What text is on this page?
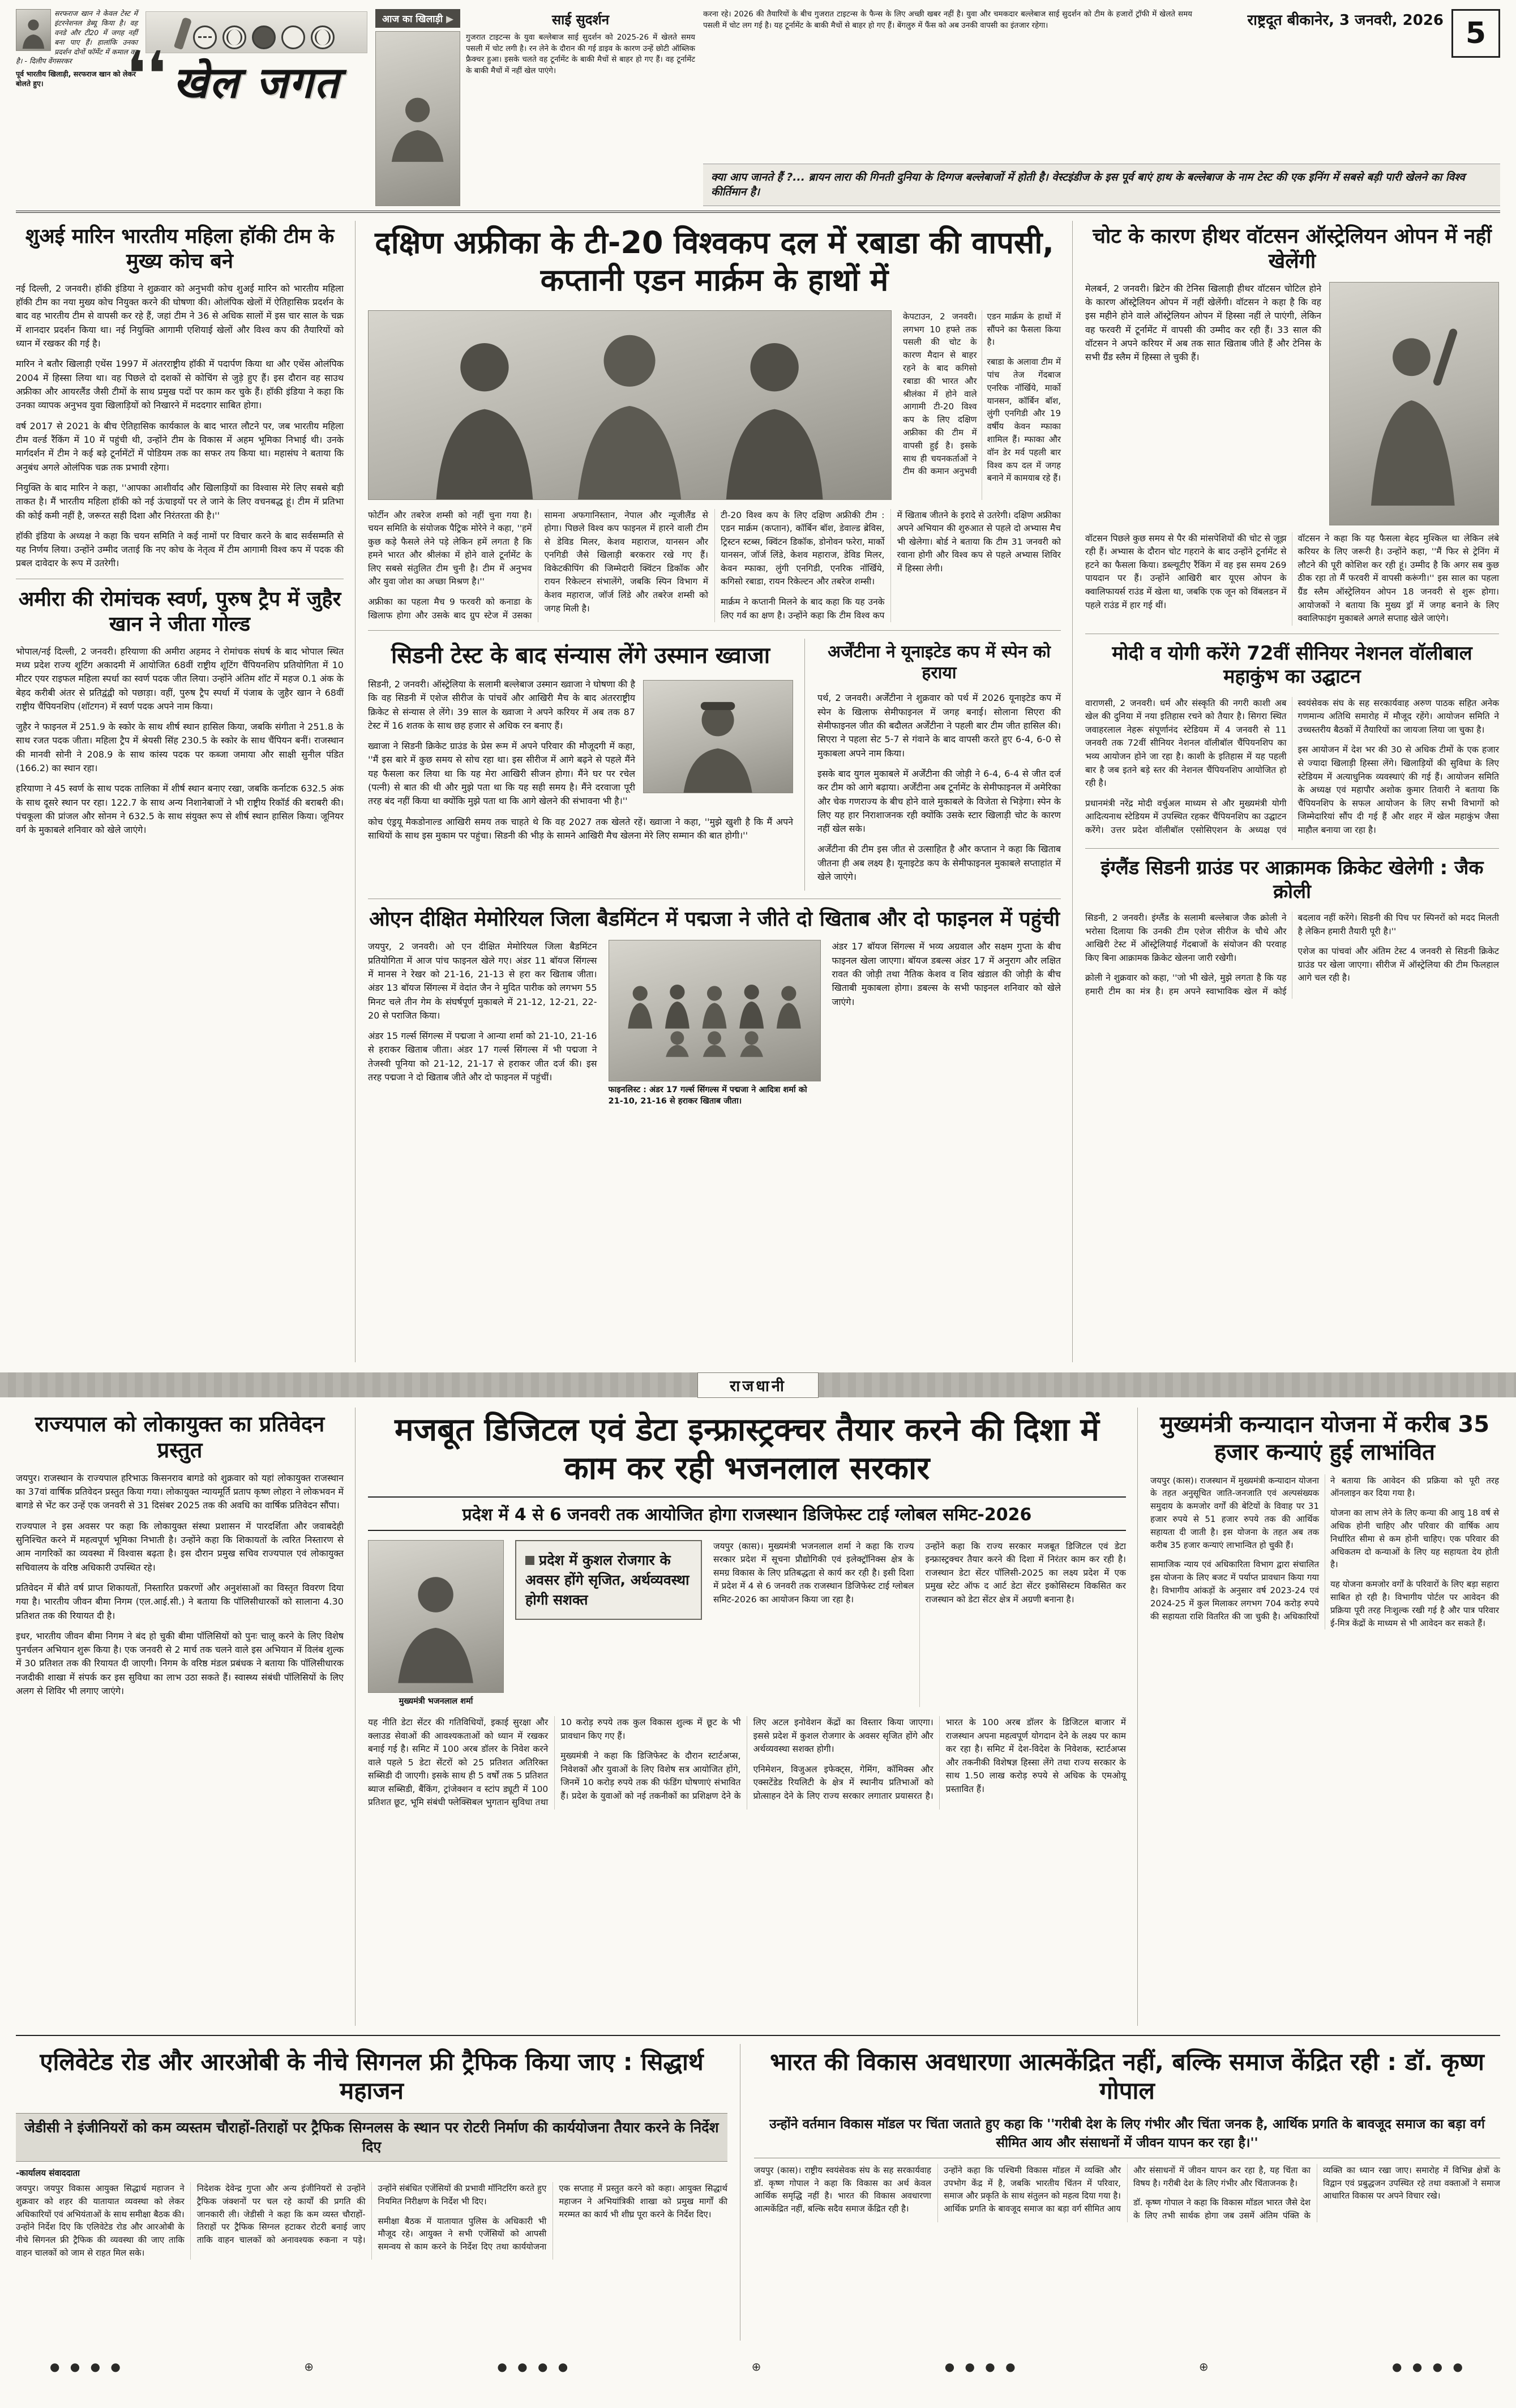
सरफराज खान ने केवल टेस्ट में इंटरनेशनल डेब्यू किया है। वह वनडे और टी20 में जगह नहीं बना पाए हैं। हालांकि उनका प्रदर्शन दोनों फॉर्मेट में कमाल का है। - दिलीप वेंगसरकर
पूर्व भारतीय खिलाड़ी, सरफराज खान को लेकर बोलते हुए।	❛❛ खेल जगत
आज का खिलाड़ी ▶	साई सुदर्शन
गुजरात टाइटन्स के युवा बल्लेबाज साई सुदर्शन को 2025-26 में खेलते समय पसली में चोट लगी है। रन लेने के दौरान की गई डाइव के कारण उन्हें छोटी ऑब्लिक फ्रैक्चर हुआ। इसके चलते वह टूर्नामेंट के बाकी मैचों से बाहर हो गए हैं। वह टूर्नामेंट के बाकी मैचों में नहीं खेल पाएंगे।
करना रहे। 2026 की तैयारियों के बीच गुजरात टाइटन्स के फैन्स के लिए अच्छी खबर नहीं है। युवा और चमकदार बल्लेबाज साई सुदर्शन को टीम के हजारों ट्रॉफी में खेलते समय पसली में चोट लग गई है। यह टूर्नामेंट के बाकी मैचों से बाहर हो गए हैं। बेंगलुरु में फैंस को अब उनकी वापसी का इंतजार रहेगा।	राष्ट्रदूत बीकानेर, 3 जनवरी, 2026 5
क्या आप जानते हैं ?... ब्रायन लारा की गिनती दुनिया के दिग्गज बल्लेबाजों में होती है। वेस्टइंडीज के इस पूर्व बाएं हाथ के बल्लेबाज के नाम टेस्ट की एक इनिंग में सबसे बड़ी पारी खेलने का विश्व कीर्तिमान है।
शुअई मारिन भारतीय महिला हॉकी टीम के मुख्य कोच बने

नई दिल्ली, 2 जनवरी। हॉकी इंडिया ने शुक्रवार को अनुभवी कोच शुअई मारिन को भारतीय महिला हॉकी टीम का नया मुख्य कोच नियुक्त करने की घोषणा की। ओलंपिक खेलों में ऐतिहासिक प्रदर्शन के बाद वह भारतीय टीम से वापसी कर रहे हैं, जहां टीम ने 36 से अधिक सालों में इस चार साल के चक्र में शानदार प्रदर्शन किया था। नई नियुक्ति आगामी एशियाई खेलों और विश्व कप की तैयारियों को ध्यान में रखकर की गई है।

मारिन ने बतौर खिलाड़ी एथेंस 1997 में अंतरराष्ट्रीय हॉकी में पदार्पण किया था और एथेंस ओलंपिक 2004 में हिस्सा लिया था। वह पिछले दो दशकों से कोचिंग से जुड़े हुए हैं। इस दौरान वह साउथ अफ्रीका और आयरलैंड जैसी टीमों के साथ प्रमुख पदों पर काम कर चुके हैं। हॉकी इंडिया ने कहा कि उनका व्यापक अनुभव युवा खिलाड़ियों को निखारने में मददगार साबित होगा।

वर्ष 2017 से 2021 के बीच ऐतिहासिक कार्यकाल के बाद भारत लौटने पर, जब भारतीय महिला टीम वर्ल्ड रैंकिंग में 10 में पहुंची थी, उन्होंने टीम के विकास में अहम भूमिका निभाई थी। उनके मार्गदर्शन में टीम ने कई बड़े टूर्नामेंटों में पोडियम तक का सफर तय किया था। महासंघ ने बताया कि अनुबंध अगले ओलंपिक चक्र तक प्रभावी रहेगा।

नियुक्ति के बाद मारिन ने कहा, ''आपका आशीर्वाद और खिलाड़ियों का विश्वास मेरे लिए सबसे बड़ी ताकत है। मैं भारतीय महिला हॉकी को नई ऊंचाइयों पर ले जाने के लिए वचनबद्ध हूं। टीम में प्रतिभा की कोई कमी नहीं है, जरूरत सही दिशा और निरंतरता की है।''

हॉकी इंडिया के अध्यक्ष ने कहा कि चयन समिति ने कई नामों पर विचार करने के बाद सर्वसम्मति से यह निर्णय लिया। उन्होंने उम्मीद जताई कि नए कोच के नेतृत्व में टीम आगामी विश्व कप में पदक की प्रबल दावेदार के रूप में उतरेगी।

अमीरा की रोमांचक स्वर्ण, पुरुष ट्रैप में जुहैर खान ने जीता गोल्ड

भोपाल/नई दिल्ली, 2 जनवरी। हरियाणा की अमीरा अहमद ने रोमांचक संघर्ष के बाद भोपाल स्थित मध्य प्रदेश राज्य शूटिंग अकादमी में आयोजित 68वीं राष्ट्रीय शूटिंग चैंपियनशिप प्रतियोगिता में 10 मीटर एयर राइफल महिला स्पर्धा का स्वर्ण पदक जीत लिया। उन्होंने अंतिम शॉट में महज 0.1 अंक के बेहद करीबी अंतर से प्रतिद्वंद्वी को पछाड़ा। वहीं, पुरुष ट्रैप स्पर्धा में पंजाब के जुहैर खान ने 68वीं राष्ट्रीय चैंपियनशिप (शॉटगन) में स्वर्ण पदक अपने नाम किया।

जुहैर ने फाइनल में 251.9 के स्कोर के साथ शीर्ष स्थान हासिल किया, जबकि संगीता ने 251.8 के साथ रजत पदक जीता। महिला ट्रैप में श्रेयसी सिंह 230.5 के स्कोर के साथ चैंपियन बनीं। राजस्थान की मानवी सोनी ने 208.9 के साथ कांस्य पदक पर कब्जा जमाया और साक्षी सुनील पंडित (166.2) का स्थान रहा।

हरियाणा ने 45 स्वर्ण के साथ पदक तालिका में शीर्ष स्थान बनाए रखा, जबकि कर्नाटक 632.5 अंक के साथ दूसरे स्थान पर रहा। 122.7 के साथ अन्य निशानेबाजों ने भी राष्ट्रीय रिकॉर्ड की बराबरी की। पंचकूला की प्रांजल और सोनम ने 632.5 के साथ संयुक्त रूप से शीर्ष स्थान हासिल किया। जूनियर वर्ग के मुकाबले शनिवार को खेले जाएंगे।

दक्षिण अफ्रीका के टी-20 विश्वकप दल में रबाडा की वापसी, कप्तानी एडन मार्क्रम के हाथों में

केपटाउन, 2 जनवरी। लगभग 10 हफ्ते तक पसली की चोट के कारण मैदान से बाहर रहने के बाद कगिसो रबाडा की भारत और श्रीलंका में होने वाले आगामी टी-20 विश्व कप के लिए दक्षिण अफ्रीका की टीम में वापसी हुई है। इसके साथ ही चयनकर्ताओं ने टीम की कमान अनुभवी एडन मार्क्रम के हाथों में सौंपने का फैसला किया है।

रबाडा के अलावा टीम में पांच तेज गेंदबाज एनरिक नॉर्खिये, मार्को यानसन, कॉर्बिन बॉश, लुंगी एनगिडी और 19 वर्षीय केवन म्फाका शामिल हैं। म्फाका और वॉन डेर मर्व पहली बार विश्व कप दल में जगह बनाने में कामयाब रहे हैं।

फोर्टीन और तबरेज शम्सी को नहीं चुना गया है। चयन समिति के संयोजक पैट्रिक मोरेने ने कहा, ''हमें कुछ कड़े फैसले लेने पड़े लेकिन हमें लगता है कि हमने भारत और श्रीलंका में होने वाले टूर्नामेंट के लिए सबसे संतुलित टीम चुनी है। टीम में अनुभव और युवा जोश का अच्छा मिश्रण है।''

अफ्रीका का पहला मैच 9 फरवरी को कनाडा के खिलाफ होगा और उसके बाद ग्रुप स्टेज में उसका सामना अफगानिस्तान, नेपाल और न्यूजीलैंड से होगा। पिछले विश्व कप फाइनल में हारने वाली टीम से डेविड मिलर, केशव महाराज, यानसन और एनगिडी जैसे खिलाड़ी बरकरार रखे गए हैं। विकेटकीपिंग की जिम्मेदारी क्विंटन डिकॉक और रायन रिकेल्टन संभालेंगे, जबकि स्पिन विभाग में केशव महाराज, जॉर्ज लिंडे और तबरेज शम्सी को जगह मिली है।

टी-20 विश्व कप के लिए दक्षिण अफ्रीकी टीम : एडन मार्क्रम (कप्तान), कॉर्बिन बॉश, डेवाल्ड ब्रेविस, ट्रिस्टन स्टब्स, क्विंटन डिकॉक, डोनोवन फरेरा, मार्को यानसन, जॉर्ज लिंडे, केशव महाराज, डेविड मिलर, केवन म्फाका, लुंगी एनगिडी, एनरिक नॉर्खिये, कगिसो रबाडा, रायन रिकेल्टन और तबरेज शम्सी।

मार्क्रम ने कप्तानी मिलने के बाद कहा कि यह उनके लिए गर्व का क्षण है। उन्होंने कहा कि टीम विश्व कप में खिताब जीतने के इरादे से उतरेगी। दक्षिण अफ्रीका अपने अभियान की शुरुआत से पहले दो अभ्यास मैच भी खेलेगा। बोर्ड ने बताया कि टीम 31 जनवरी को रवाना होगी और विश्व कप से पहले अभ्यास शिविर में हिस्सा लेगी।

सिडनी टेस्ट के बाद संन्यास लेंगे उस्मान ख्वाजा

सिडनी, 2 जनवरी। ऑस्ट्रेलिया के सलामी बल्लेबाज उस्मान ख्वाजा ने घोषणा की है कि वह सिडनी में एशेज सीरीज के पांचवें और आखिरी मैच के बाद अंतरराष्ट्रीय क्रिकेट से संन्यास ले लेंगे। 39 साल के ख्वाजा ने अपने करियर में अब तक 87 टेस्ट में 16 शतक के साथ छह हजार से अधिक रन बनाए हैं।

ख्वाजा ने सिडनी क्रिकेट ग्राउंड के प्रेस रूम में अपने परिवार की मौजूदगी में कहा, ''मैं इस बारे में कुछ समय से सोच रहा था। इस सीरीज में आगे बढ़ने से पहले मैंने यह फैसला कर लिया था कि यह मेरा आखिरी सीजन होगा। मैंने घर पर रचेल (पत्नी) से बात की थी और मुझे पता था कि यह सही समय है। मैंने दरवाजा पूरी तरह बंद नहीं किया था क्योंकि मुझे पता था कि आगे खेलने की संभावना भी है।''

कोच एंड्रयू मैकडोनाल्ड आखिरी समय तक चाहते थे कि वह 2027 तक खेलते रहें। ख्वाजा ने कहा, ''मुझे खुशी है कि मैं अपने साथियों के साथ इस मुकाम पर पहुंचा। सिडनी की भीड़ के सामने आखिरी मैच खेलना मेरे लिए सम्मान की बात होगी।''

अर्जेंटीना ने यूनाइटेड कप में स्पेन को हराया

पर्थ, 2 जनवरी। अर्जेंटीना ने शुक्रवार को पर्थ में 2026 यूनाइटेड कप में स्पेन के खिलाफ सेमीफाइनल में जगह बनाई। सोलाना सिएरा की सेमीफाइनल जीत की बदौलत अर्जेंटीना ने पहली बार टीम जीत हासिल की। सिएरा ने पहला सेट 5-7 से गंवाने के बाद वापसी करते हुए 6-4, 6-0 से मुकाबला अपने नाम किया।

इसके बाद युगल मुकाबले में अर्जेंटीना की जोड़ी ने 6-4, 6-4 से जीत दर्ज कर टीम को आगे बढ़ाया। अर्जेंटीना अब टूर्नामेंट के सेमीफाइनल में अमेरिका और चेक गणराज्य के बीच होने वाले मुकाबले के विजेता से भिड़ेगा। स्पेन के लिए यह हार निराशाजनक रही क्योंकि उसके स्टार खिलाड़ी चोट के कारण नहीं खेल सके।

अर्जेंटीना की टीम इस जीत से उत्साहित है और कप्तान ने कहा कि खिताब जीतना ही अब लक्ष्य है। यूनाइटेड कप के सेमीफाइनल मुकाबले सप्ताहांत में खेले जाएंगे।

ओएन दीक्षित मेमोरियल जिला बैडमिंटन में पद्मजा ने जीते दो खिताब और दो फाइनल में पहुंची

जयपुर, 2 जनवरी। ओ एन दीक्षित मेमोरियल जिला बैडमिंटन प्रतियोगिता में आज पांच फाइनल खेले गए। अंडर 11 बॉयज सिंगल्स में मानस ने रेखर को 21-16, 21-13 से हरा कर खिताब जीता। अंडर 13 बॉयज सिंगल्स में वेदांत जैन ने मुदित पारीक को लगभग 55 मिनट चले तीन गेम के संघर्षपूर्ण मुकाबले में 21-12, 12-21, 22-20 से पराजित किया।

अंडर 15 गर्ल्स सिंगल्स में पद्मजा ने आन्या शर्मा को 21-10, 21-16 से हराकर खिताब जीता। अंडर 17 गर्ल्स सिंगल्स में भी पद्मजा ने तेजस्वी पूनिया को 21-12, 21-17 से हराकर जीत दर्ज की। इस तरह पद्मजा ने दो खिताब जीते और दो फाइनल में पहुंचीं।

फाइनलिस्ट : अंडर 17 गर्ल्स सिंगल्स में पद्मजा ने आदित्रा शर्मा को 21-10, 21-16 से हराकर खिताब जीता।

अंडर 17 बॉयज सिंगल्स में भव्य अग्रवाल और सक्षम गुप्ता के बीच फाइनल खेला जाएगा। बॉयज डबल्स अंडर 17 में अनुराग और लक्षित रावत की जोड़ी तथा नैतिक केशव व शिव खंडाल की जोड़ी के बीच खिताबी मुकाबला होगा। डबल्स के सभी फाइनल शनिवार को खेले जाएंगे।

चोट के कारण हीथर वॉटसन ऑस्ट्रेलियन ओपन में नहीं खेलेंगी
मेलबर्न, 2 जनवरी। ब्रिटेन की टेनिस खिलाड़ी हीथर वॉटसन चोटिल होने के कारण ऑस्ट्रेलियन ओपन में नहीं खेलेंगी। वॉटसन ने कहा है कि वह इस महीने होने वाले ऑस्ट्रेलियन ओपन में हिस्सा नहीं ले पाएंगी, लेकिन वह फरवरी में टूर्नामेंट में वापसी की उम्मीद कर रही हैं। 33 साल की वॉटसन ने अपने करियर में अब तक सात खिताब जीते हैं और टेनिस के सभी ग्रैंड स्लैम में हिस्सा ले चुकी हैं।

वॉटसन पिछले कुछ समय से पैर की मांसपेशियों की चोट से जूझ रही हैं। अभ्यास के दौरान चोट गहराने के बाद उन्होंने टूर्नामेंट से हटने का फैसला किया। डब्ल्यूटीए रैंकिंग में वह इस समय 269 पायदान पर हैं। उन्होंने आखिरी बार यूएस ओपन के क्वालिफायर्स राउंड में खेला था, जबकि एक जून को विंबलडन में पहले राउंड में हार गई थीं।

वॉटसन ने कहा कि यह फैसला बेहद मुश्किल था लेकिन लंबे करियर के लिए जरूरी है। उन्होंने कहा, ''मैं फिर से ट्रेनिंग में लौटने की पूरी कोशिश कर रही हूं। उम्मीद है कि अगर सब कुछ ठीक रहा तो मैं फरवरी में वापसी करूंगी।'' इस साल का पहला ग्रैंड स्लैम ऑस्ट्रेलियन ओपन 18 जनवरी से शुरू होगा। आयोजकों ने बताया कि मुख्य ड्रॉ में जगह बनाने के लिए क्वालिफाइंग मुकाबले अगले सप्ताह खेले जाएंगे।

मोदी व योगी करेंगे 72वीं सीनियर नेशनल वॉलीबाल महाकुंभ का उद्घाटन

वाराणसी, 2 जनवरी। धर्म और संस्कृति की नगरी काशी अब खेल की दुनिया में नया इतिहास रचने को तैयार है। सिगरा स्थित जवाहरलाल नेहरू संपूर्णानंद स्टेडियम में 4 जनवरी से 11 जनवरी तक 72वीं सीनियर नेशनल वॉलीबॉल चैंपियनशिप का भव्य आयोजन होने जा रहा है। काशी के इतिहास में यह पहली बार है जब इतने बड़े स्तर की नेशनल चैंपियनशिप आयोजित हो रही है।

प्रधानमंत्री नरेंद्र मोदी वर्चुअल माध्यम से और मुख्यमंत्री योगी आदित्यनाथ स्टेडियम में उपस्थित रहकर चैंपियनशिप का उद्घाटन करेंगे। उत्तर प्रदेश वॉलीबॉल एसोसिएशन के अध्यक्ष एवं स्वयंसेवक संघ के सह सरकार्यवाह अरुण पाठक सहित अनेक गणमान्य अतिथि समारोह में मौजूद रहेंगे। आयोजन समिति ने उच्चस्तरीय बैठकों में तैयारियों का जायजा लिया जा चुका है।

इस आयोजन में देश भर की 30 से अधिक टीमों के एक हजार से ज्यादा खिलाड़ी हिस्सा लेंगे। खिलाड़ियों की सुविधा के लिए स्टेडियम में अत्याधुनिक व्यवस्थाएं की गई हैं। आयोजन समिति के अध्यक्ष एवं महापौर अशोक कुमार तिवारी ने बताया कि चैंपियनशिप के सफल आयोजन के लिए सभी विभागों को जिम्मेदारियां सौंप दी गई हैं और शहर में खेल महाकुंभ जैसा माहौल बनाया जा रहा है।

इंग्लैंड सिडनी ग्राउंड पर आक्रामक क्रिकेट खेलेगी : जैक क्रोली

सिडनी, 2 जनवरी। इंग्लैंड के सलामी बल्लेबाज जैक क्रोली ने भरोसा दिलाया कि उनकी टीम एशेज सीरीज के चौथे और आखिरी टेस्ट में ऑस्ट्रेलियाई गेंदबाजों के संयोजन की परवाह किए बिना आक्रामक क्रिकेट खेलना जारी रखेगी।

क्रोली ने शुक्रवार को कहा, ''जो भी खेले, मुझे लगता है कि यह हमारी टीम का मंत्र है। हम अपने स्वाभाविक खेल में कोई बदलाव नहीं करेंगे। सिडनी की पिच पर स्पिनरों को मदद मिलती है लेकिन हमारी तैयारी पूरी है।''

एशेज का पांचवां और अंतिम टेस्ट 4 जनवरी से सिडनी क्रिकेट ग्राउंड पर खेला जाएगा। सीरीज में ऑस्ट्रेलिया की टीम फिलहाल आगे चल रही है।

राजधानी
राज्यपाल को लोकायुक्त का प्रतिवेदन प्रस्तुत

जयपुर। राजस्थान के राज्यपाल हरिभाऊ किसनराव बागडे को शुक्रवार को यहां लोकायुक्त राजस्थान का 37वां वार्षिक प्रतिवेदन प्रस्तुत किया गया। लोकायुक्त न्यायमूर्ति प्रताप कृष्ण लोहरा ने लोकभवन में बागडे से भेंट कर उन्हें एक जनवरी से 31 दिसंबर 2025 तक की अवधि का वार्षिक प्रतिवेदन सौंपा।

राज्यपाल ने इस अवसर पर कहा कि लोकायुक्त संस्था प्रशासन में पारदर्शिता और जवाबदेही सुनिश्चित करने में महत्वपूर्ण भूमिका निभाती है। उन्होंने कहा कि शिकायतों के त्वरित निस्तारण से आम नागरिकों का व्यवस्था में विश्वास बढ़ता है। इस दौरान प्रमुख सचिव राज्यपाल एवं लोकायुक्त सचिवालय के वरिष्ठ अधिकारी उपस्थित रहे।

प्रतिवेदन में बीते वर्ष प्राप्त शिकायतों, निस्तारित प्रकरणों और अनुशंसाओं का विस्तृत विवरण दिया गया है। भारतीय जीवन बीमा निगम (एल.आई.सी.) ने बताया कि पॉलिसीधारकों को सालाना 4.30 प्रतिशत तक की रियायत दी है।

इधर, भारतीय जीवन बीमा निगम ने बंद हो चुकी बीमा पॉलिसियों को पुनः चालू करने के लिए विशेष पुनर्चलन अभियान शुरू किया है। एक जनवरी से 2 मार्च तक चलने वाले इस अभियान में विलंब शुल्क में 30 प्रतिशत तक की रियायत दी जाएगी। निगम के वरिष्ठ मंडल प्रबंधक ने बताया कि पॉलिसीधारक नजदीकी शाखा में संपर्क कर इस सुविधा का लाभ उठा सकते हैं। स्वास्थ्य संबंधी पॉलिसियों के लिए अलग से शिविर भी लगाए जाएंगे।

मजबूत डिजिटल एवं डेटा इन्फ्रास्ट्रक्चर तैयार करने की दिशा में काम कर रही भजनलाल सरकार
प्रदेश में 4 से 6 जनवरी तक आयोजित होगा राजस्थान डिजिफेस्ट टाई ग्लोबल समिट-2026
मुख्यमंत्री भजनलाल शर्मा
प्रदेश में कुशल रोजगार के अवसर होंगे सृजित, अर्थव्यवस्था होगी सशक्त

जयपुर (कास)। मुख्यमंत्री भजनलाल शर्मा ने कहा कि राज्य सरकार प्रदेश में सूचना प्रौद्योगिकी एवं इलेक्ट्रॉनिक्स क्षेत्र के समग्र विकास के लिए प्रतिबद्धता से कार्य कर रही है। इसी दिशा में प्रदेश में 4 से 6 जनवरी तक राजस्थान डिजिफेस्ट टाई ग्लोबल समिट-2026 का आयोजन किया जा रहा है।

उन्होंने कहा कि राज्य सरकार मजबूत डिजिटल एवं डेटा इन्फ्रास्ट्रक्चर तैयार करने की दिशा में निरंतर काम कर रही है। राजस्थान डेटा सेंटर पॉलिसी-2025 का लक्ष्य प्रदेश में एक प्रमुख स्टेट ऑफ द आर्ट डेटा सेंटर इकोसिस्टम विकसित कर राजस्थान को डेटा सेंटर क्षेत्र में अग्रणी बनाना है।

यह नीति डेटा सेंटर की गतिविधियों, इकाई सुरक्षा और क्लाउड सेवाओं की आवश्यकताओं को ध्यान में रखकर बनाई गई है। समिट में 100 अरब डॉलर के निवेश करने वाले पहले 5 डेटा सेंटरों को 25 प्रतिशत अतिरिक्त सब्सिडी दी जाएगी। इसके साथ ही 5 वर्षों तक 5 प्रतिशत ब्याज सब्सिडी, बैंकिंग, ट्रांजेक्शन व स्टांप ड्यूटी में 100 प्रतिशत छूट, भूमि संबंधी फ्लेक्सिबल भुगतान सुविधा तथा 10 करोड़ रुपये तक कुल विकास शुल्क में छूट के भी प्रावधान किए गए हैं।

मुख्यमंत्री ने कहा कि डिजिफेस्ट के दौरान स्टार्टअप्स, निवेशकों और युवाओं के लिए विशेष सत्र आयोजित होंगे, जिनमें 10 करोड़ रुपये तक की फंडिंग घोषणाएं संभावित हैं। प्रदेश के युवाओं को नई तकनीकों का प्रशिक्षण देने के लिए अटल इनोवेशन केंद्रों का विस्तार किया जाएगा। इससे प्रदेश में कुशल रोजगार के अवसर सृजित होंगे और अर्थव्यवस्था सशक्त होगी।

एनिमेशन, विजुअल इफेक्ट्स, गेमिंग, कॉमिक्स और एक्सटेंडेड रियलिटी के क्षेत्र में स्थानीय प्रतिभाओं को प्रोत्साहन देने के लिए राज्य सरकार लगातार प्रयासरत है। भारत के 100 अरब डॉलर के डिजिटल बाजार में राजस्थान अपना महत्वपूर्ण योगदान देने के लक्ष्य पर काम कर रहा है। समिट में देश-विदेश के निवेशक, स्टार्टअप्स और तकनीकी विशेषज्ञ हिस्सा लेंगे तथा राज्य सरकार के साथ 1.50 लाख करोड़ रुपये से अधिक के एमओयू प्रस्तावित हैं।

मुख्यमंत्री कन्यादान योजना में करीब 35 हजार कन्याएं हुई लाभांवित

जयपुर (कास)। राजस्थान में मुख्यमंत्री कन्यादान योजना के तहत अनुसूचित जाति-जनजाति एवं अल्पसंख्यक समुदाय के कमजोर वर्गों की बेटियों के विवाह पर 31 हजार रुपये से 51 हजार रुपये तक की आर्थिक सहायता दी जाती है। इस योजना के तहत अब तक करीब 35 हजार कन्याएं लाभान्वित हो चुकी हैं।

सामाजिक न्याय एवं अधिकारिता विभाग द्वारा संचालित इस योजना के लिए बजट में पर्याप्त प्रावधान किया गया है। विभागीय आंकड़ों के अनुसार वर्ष 2023-24 एवं 2024-25 में कुल मिलाकर लगभग 704 करोड़ रुपये की सहायता राशि वितरित की जा चुकी है। अधिकारियों ने बताया कि आवेदन की प्रक्रिया को पूरी तरह ऑनलाइन कर दिया गया है।

योजना का लाभ लेने के लिए कन्या की आयु 18 वर्ष से अधिक होनी चाहिए और परिवार की वार्षिक आय निर्धारित सीमा से कम होनी चाहिए। एक परिवार की अधिकतम दो कन्याओं के लिए यह सहायता देय होती है।

यह योजना कमजोर वर्गों के परिवारों के लिए बड़ा सहारा साबित हो रही है। विभागीय पोर्टल पर आवेदन की प्रक्रिया पूरी तरह निःशुल्क रखी गई है और पात्र परिवार ई-मित्र केंद्रों के माध्यम से भी आवेदन कर सकते हैं।

एलिवेटेड रोड और आरओबी के नीचे सिगनल फ्री ट्रैफिक किया जाए : सिद्धार्थ महाजन
जेडीसी ने इंजीनियरों को कम व्यस्तम चौराहों-तिराहों पर ट्रैफिक सिग्नलस के स्थान पर रोटरी निर्माण की कार्ययोजना तैयार करने के निर्देश दिए
-कार्यालय संवाददाता

जयपुर। जयपुर विकास आयुक्त सिद्धार्थ महाजन ने शुक्रवार को शहर की यातायात व्यवस्था को लेकर अधिकारियों एवं अभियंताओं के साथ समीक्षा बैठक की। उन्होंने निर्देश दिए कि एलिवेटेड रोड और आरओबी के नीचे सिगनल फ्री ट्रैफिक की व्यवस्था की जाए ताकि वाहन चालकों को जाम से राहत मिल सके।

निदेशक देवेन्द्र गुप्ता और अन्य इंजीनियरों से उन्होंने ट्रैफिक जंक्शनों पर चल रहे कार्यों की प्रगति की जानकारी ली। जेडीसी ने कहा कि कम व्यस्त चौराहों-तिराहों पर ट्रैफिक सिग्नल हटाकर रोटरी बनाई जाए ताकि वाहन चालकों को अनावश्यक रुकना न पड़े। उन्होंने संबंधित एजेंसियों की प्रभावी मॉनिटरिंग करते हुए नियमित निरीक्षण के निर्देश भी दिए।

समीक्षा बैठक में यातायात पुलिस के अधिकारी भी मौजूद रहे। आयुक्त ने सभी एजेंसियों को आपसी समन्वय से काम करने के निर्देश दिए तथा कार्ययोजना एक सप्ताह में प्रस्तुत करने को कहा। आयुक्त सिद्धार्थ महाजन ने अभियांत्रिकी शाखा को प्रमुख मार्गों की मरम्मत का कार्य भी शीघ्र पूरा करने के निर्देश दिए।

भारत की विकास अवधारणा आत्मकेंद्रित नहीं, बल्कि समाज केंद्रित रही : डॉ. कृष्ण गोपाल
उन्होंने वर्तमान विकास मॉडल पर चिंता जताते हुए कहा कि ''गरीबी देश के लिए गंभीर और चिंता जनक है, आर्थिक प्रगति के बावजूद समाज का बड़ा वर्ग सीमित आय और संसाधनों में जीवन यापन कर रहा है।''

जयपुर (कास)। राष्ट्रीय स्वयंसेवक संघ के सह सरकार्यवाह डॉ. कृष्ण गोपाल ने कहा कि विकास का अर्थ केवल आर्थिक समृद्धि नहीं है। भारत की विकास अवधारणा आत्मकेंद्रित नहीं, बल्कि सदैव समाज केंद्रित रही है।

उन्होंने कहा कि पश्चिमी विकास मॉडल में व्यक्ति और उपभोग केंद्र में है, जबकि भारतीय चिंतन में परिवार, समाज और प्रकृति के साथ संतुलन को महत्व दिया गया है। आर्थिक प्रगति के बावजूद समाज का बड़ा वर्ग सीमित आय और संसाधनों में जीवन यापन कर रहा है, यह चिंता का विषय है। गरीबी देश के लिए गंभीर और चिंताजनक है।

डॉ. कृष्ण गोपाल ने कहा कि विकास मॉडल भारत जैसे देश के लिए तभी सार्थक होगा जब उसमें अंतिम पंक्ति के व्यक्ति का ध्यान रखा जाए। समारोह में विभिन्न क्षेत्रों के विद्वान एवं प्रबुद्धजन उपस्थित रहे तथा वक्ताओं ने समाज आधारित विकास पर अपने विचार रखे।

● ● ● ●	⊕	● ● ● ●	⊕	● ● ● ●	⊕	● ● ● ●
